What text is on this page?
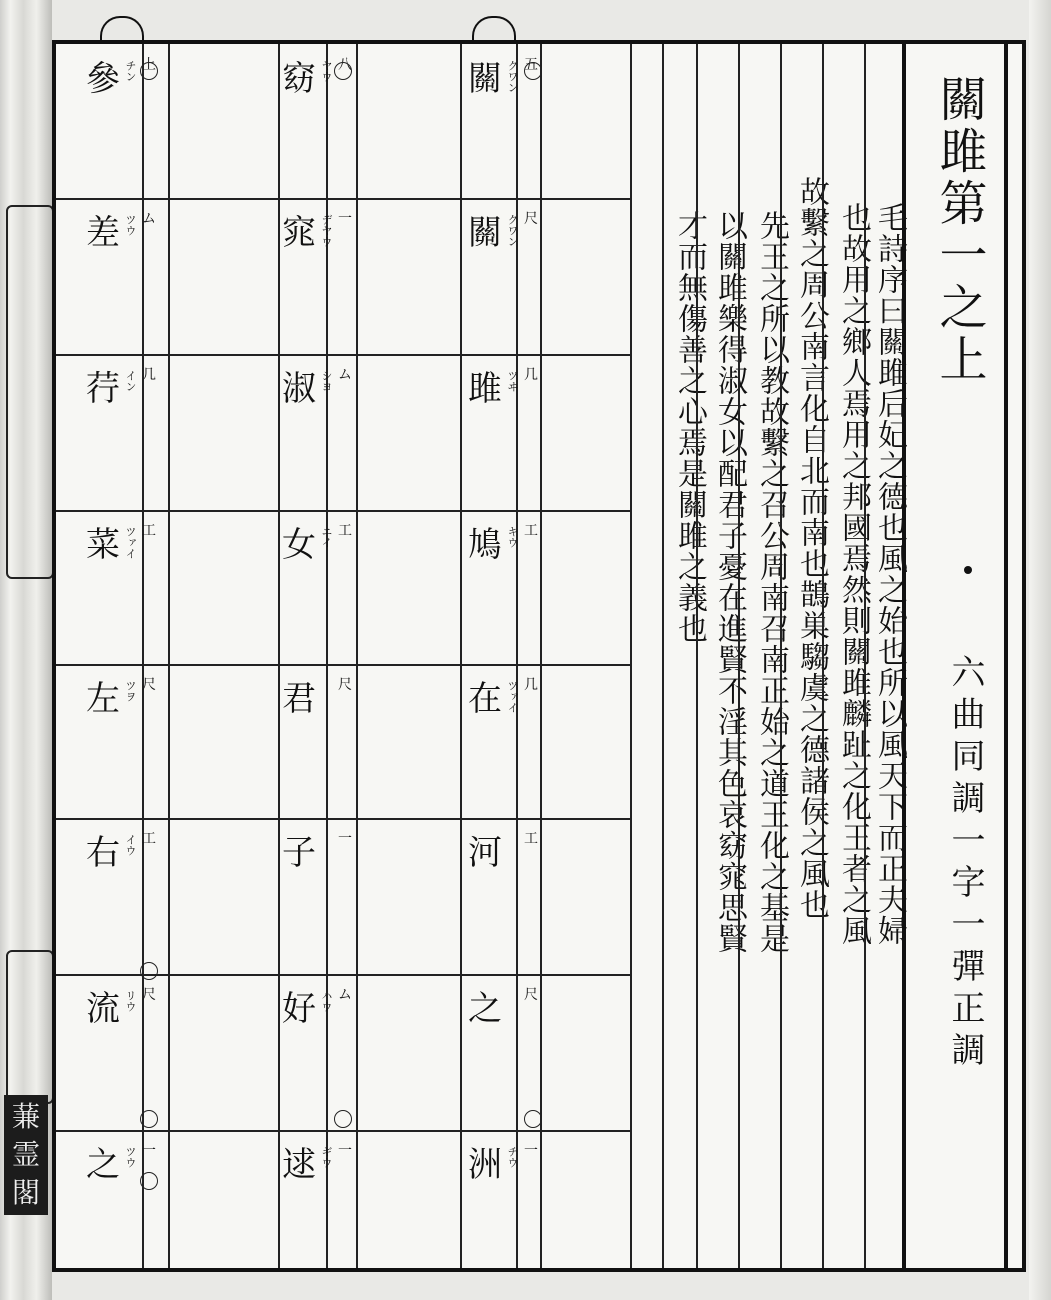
蒹
霊
閣
關雎第一之上
六曲同調一字一彈正調
毛詩序曰關雎后妃之德也風之始也所以風天下而正夫婦
也故用之鄉人焉用之邦國焉然則關雎麟趾之化王者之風
故繫之周公南言化自北而南也鵲巣騶虞之德諸侯之風也
先王之所以教故繫之召公周南召南正始之道王化之基是
以關雎樂得淑女以配君子憂在進賢不淫其色哀窈窕思賢
才而無傷善之心焉是關雎之義也
關 クワン 五
關 クワン 尺
雎 ツヰ 几
鳩 キウ 工
在 ツァイ 几
河 工
之 尺
洲 チウ 一
窈 ヤウ 八
窕 デヤウ 一
淑 シヨ ム
女 ニイ 工
君 尺
子 一
好 ハウ ム
逑 ギウ 一
參 チン 上
差 ツウ ム
荇 イン 几
菜 ツァイ 工
左 ツヲ 尺
右 イウ 工
流 リウ 尺
之 ツウ 一
